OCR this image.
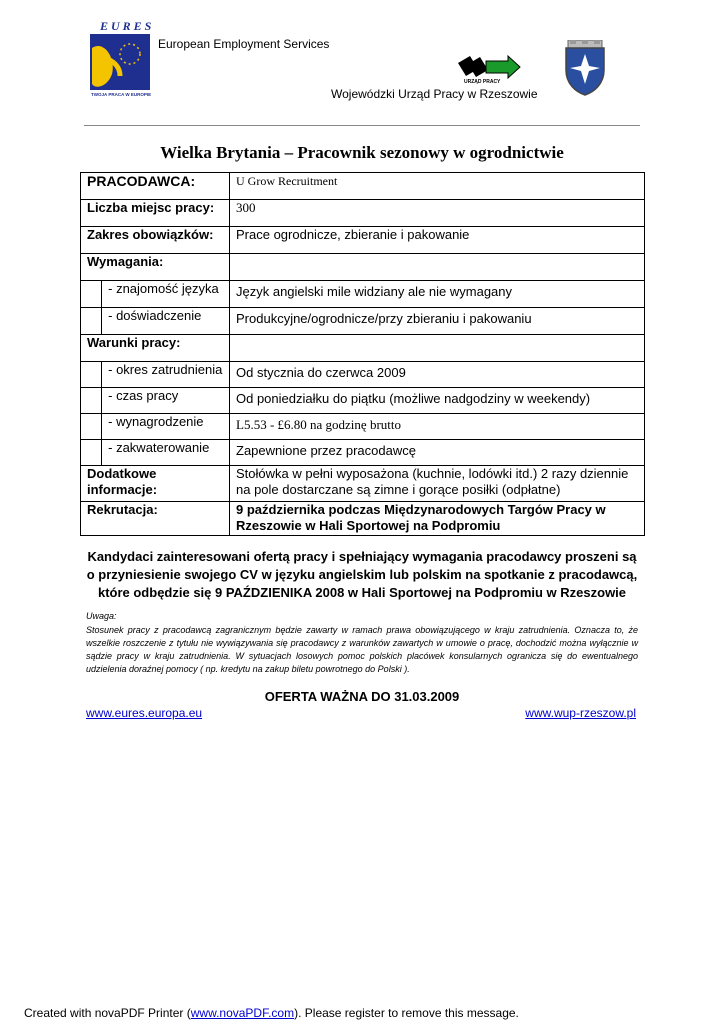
E U R E S
TWOJA PRACA W EUROPIE
European Employment Services
URZĄD PRACY
Wojewódzki Urząd Pracy w Rzeszowie
Wielka Brytania – Pracownik sezonowy w ogrodnictwie
PRACODAWCA:		U Grow Recruitment
Liczba miejsc pracy:		300
Zakres obowiązków:		Prace ogrodnicze, zbieranie i pakowanie
Wymagania:		
	- znajomość języka	Język angielski mile widziany ale nie wymagany
	- doświadczenie	Produkcyjne/ogrodnicze/przy zbieraniu i pakowaniu
Warunki pracy:		
	- okres zatrudnienia	Od stycznia do czerwca 2009
	- czas pracy	Od poniedziałku do piątku (możliwe nadgodziny w weekendy)
	- wynagrodzenie	L5.53 - £6.80 na godzinę brutto
	- zakwaterowanie	Zapewnione przez pracodawcę
Dodatkowe informacje:		Stołówka w pełni wyposażona (kuchnie, lodówki itd.) 2 razy dziennie na pole dostarczane są zimne i gorące posiłki (odpłatne)
Rekrutacja:		9 października podczas Międzynarodowych Targów Pracy w Rzeszowie w Hali Sportowej na Podpromiu
Kandydaci zainteresowani ofertą pracy i spełniający wymagania pracodawcy proszeni są o przyniesienie swojego CV w języku angielskim lub polskim na spotkanie z pracodawcą, które odbędzie się 9 PAŹDZIENIKA 2008 w Hali Sportowej na Podpromiu w Rzeszowie
Uwaga:
Stosunek pracy z pracodawcą zagranicznym będzie zawarty w ramach prawa obowiązującego w kraju zatrudnienia. Oznacza to, że wszelkie roszczenie z tytułu nie wywiązywania się pracodawcy z warunków zawartych w umowie o pracę, dochodzić można wyłącznie w sądzie pracy w kraju zatrudnienia. W sytuacjach losowych pomoc polskich placówek konsularnych ogranicza się do ewentualnego udzielenia doraźnej pomocy ( np. kredytu na zakup biletu powrotnego do Polski ).
OFERTA WAŻNA DO 31.03.2009
www.eures.europa.eu	www.wup-rzeszow.pl
Created with novaPDF Printer (www.novaPDF.com). Please register to remove this message.
